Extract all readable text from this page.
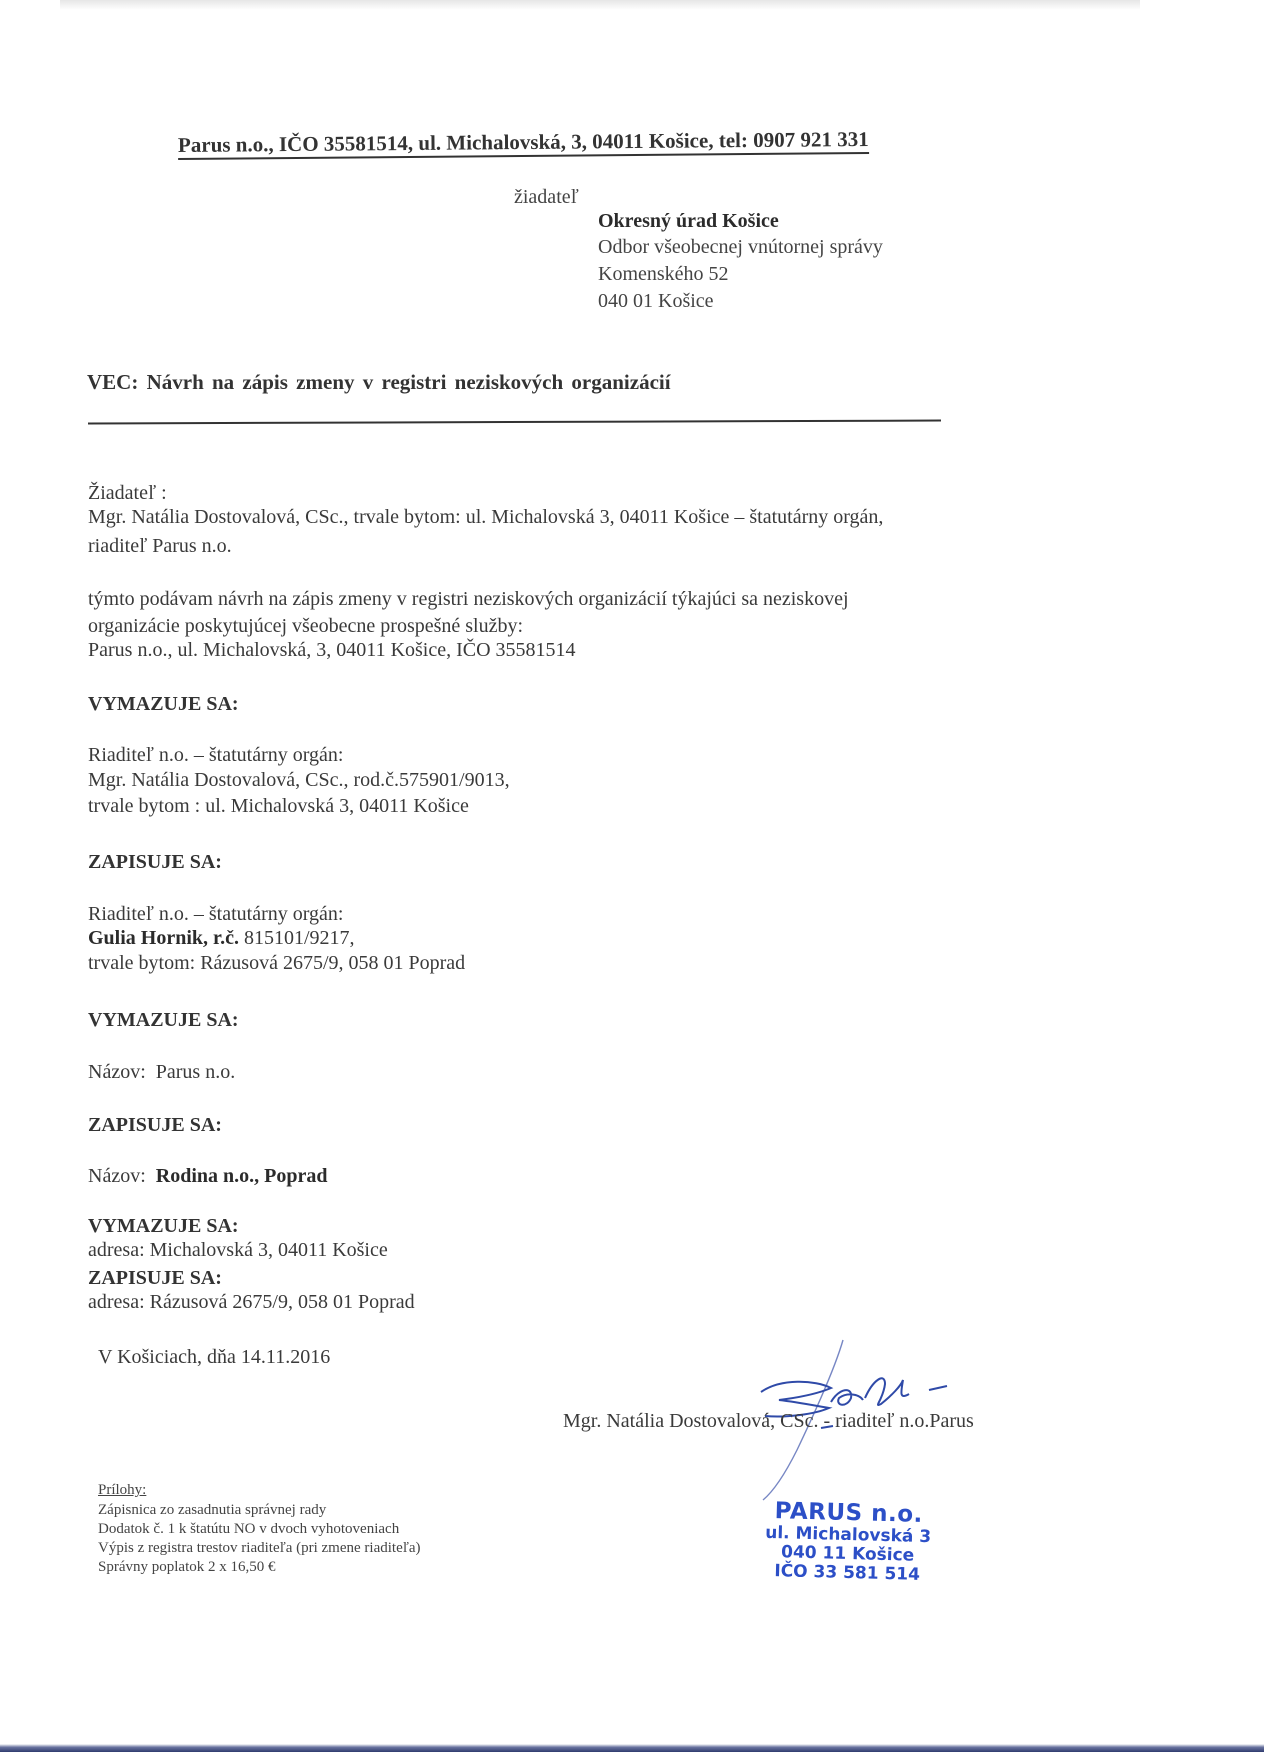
Parus n.o., IČO 35581514, ul. Michalovská, 3, 04011 Košice, tel: 0907 921 331
žiadateľ
Okresný úrad Košice
Odbor všeobecnej vnútornej správy
Komenského 52
040 01 Košice
VEC: Návrh na zápis zmeny v registri neziskových organizácií
Žiadateľ :
Mgr. Natália Dostovalová, CSc., trvale bytom: ul. Michalovská 3, 04011 Košice – štatutárny orgán,
riaditeľ Parus n.o.
týmto podávam návrh na zápis zmeny v registri neziskových organizácií týkajúci sa neziskovej
organizácie poskytujúcej všeobecne prospešné služby:
Parus n.o., ul. Michalovská, 3, 04011 Košice, IČO 35581514
VYMAZUJE SA:
Riaditeľ n.o. – štatutárny orgán:
Mgr. Natália Dostovalová, CSc., rod.č.575901/9013,
trvale bytom : ul. Michalovská 3, 04011 Košice
ZAPISUJE SA:
Riaditeľ n.o. – štatutárny orgán:
Gulia Hornik, r.č. 815101/9217,
trvale bytom: Rázusová 2675/9, 058 01 Poprad
VYMAZUJE SA:
Názov: Parus n.o.
ZAPISUJE SA:
Názov: Rodina n.o., Poprad
VYMAZUJE SA:
adresa: Michalovská 3, 04011 Košice
ZAPISUJE SA:
adresa: Rázusová 2675/9, 058 01 Poprad
V Košiciach, dňa 14.11.2016
Mgr. Natália Dostovalová, CSc. - riaditeľ n.o.Parus
Prílohy:
Zápisnica zo zasadnutia správnej rady
Dodatok č. 1 k štatútu NO v dvoch vyhotoveniach
Výpis z registra trestov riaditeľa (pri zmene riaditeľa)
Správny poplatok 2 x 16,50 €
PARUS n.o.
ul. Michalovská 3
040 11 Košice
IČO 33 581 514
